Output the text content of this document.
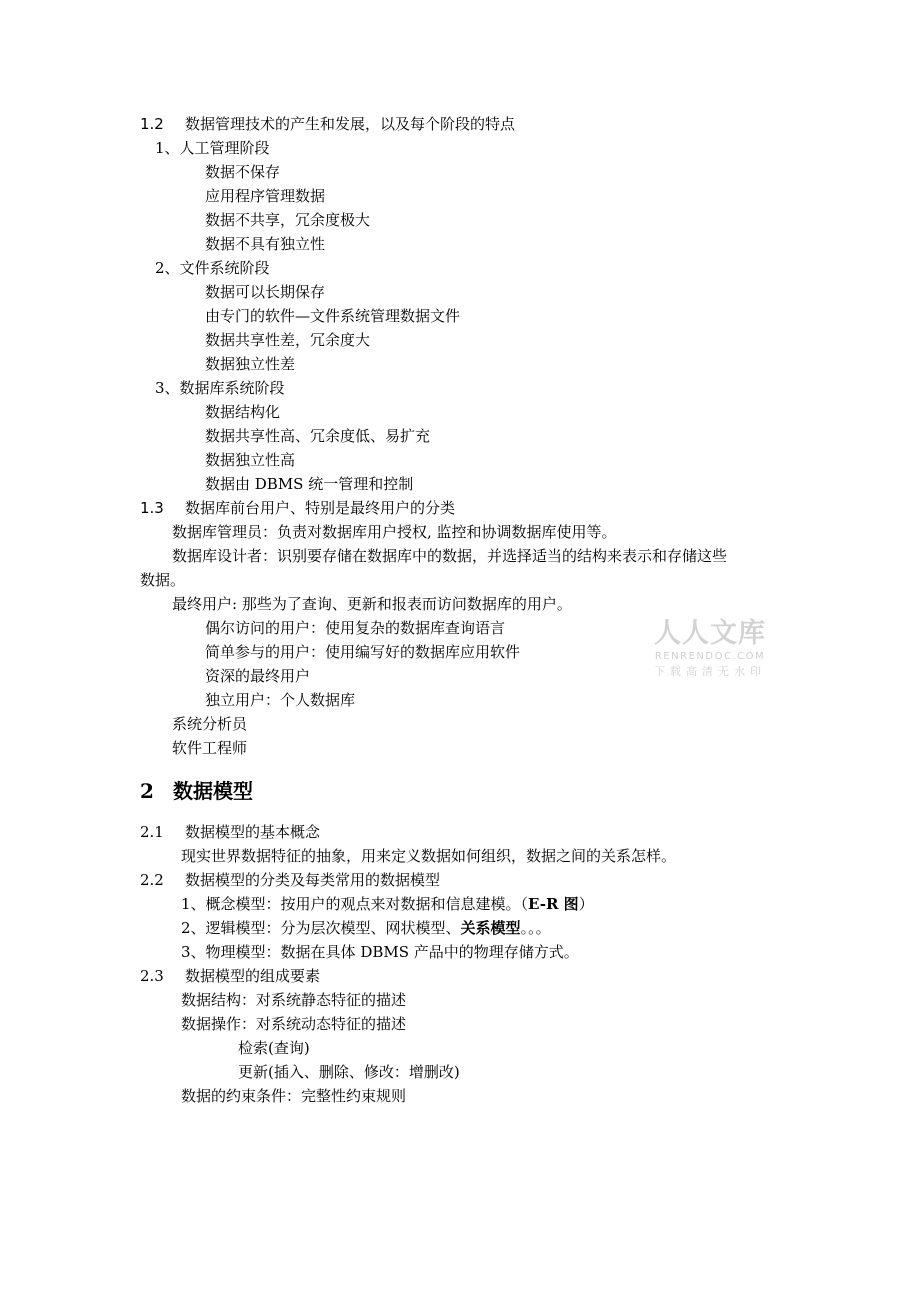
1.2 数据管理技术的产生和发展，以及每个阶段的特点
1、人工管理阶段
数据不保存
应用程序管理数据
数据不共享，冗余度极大
数据不具有独立性
2、文件系统阶段
数据可以长期保存
由专门的软件—文件系统管理数据文件
数据共享性差，冗余度大
数据独立性差
3、数据库系统阶段
数据结构化
数据共享性高、冗余度低、易扩充
数据独立性高
数据由 DBMS 统一管理和控制
1.3 数据库前台用户、特别是最终用户的分类
数据库管理员：负责对数据库用户授权, 监控和协调数据库使用等。
数据库设计者：识别要存储在数据库中的数据，并选择适当的结构来表示和存储这些
数据。
最终用户: 那些为了查询、更新和报表而访问数据库的用户。
偶尔访问的用户：使用复杂的数据库查询语言
简单参与的用户：使用编写好的数据库应用软件
资深的最终用户
独立用户：个人数据库
系统分析员
软件工程师
人人文库
RENRENDOC.COM
下载高清无水印
2 数据模型
2.1 数据模型的基本概念
现实世界数据特征的抽象，用来定义数据如何组织，数据之间的关系怎样。
2.2 数据模型的分类及每类常用的数据模型
1、概念模型：按用户的观点来对数据和信息建模。（E-R 图）
2、逻辑模型：分为层次模型、网状模型、关系模型。。。
3、物理模型：数据在具体 DBMS 产品中的物理存储方式。
2.3 数据模型的组成要素
数据结构：对系统静态特征的描述
数据操作：对系统动态特征的描述
检索(查询)
更新(插入、删除、修改：增删改)
数据的约束条件：完整性约束规则
